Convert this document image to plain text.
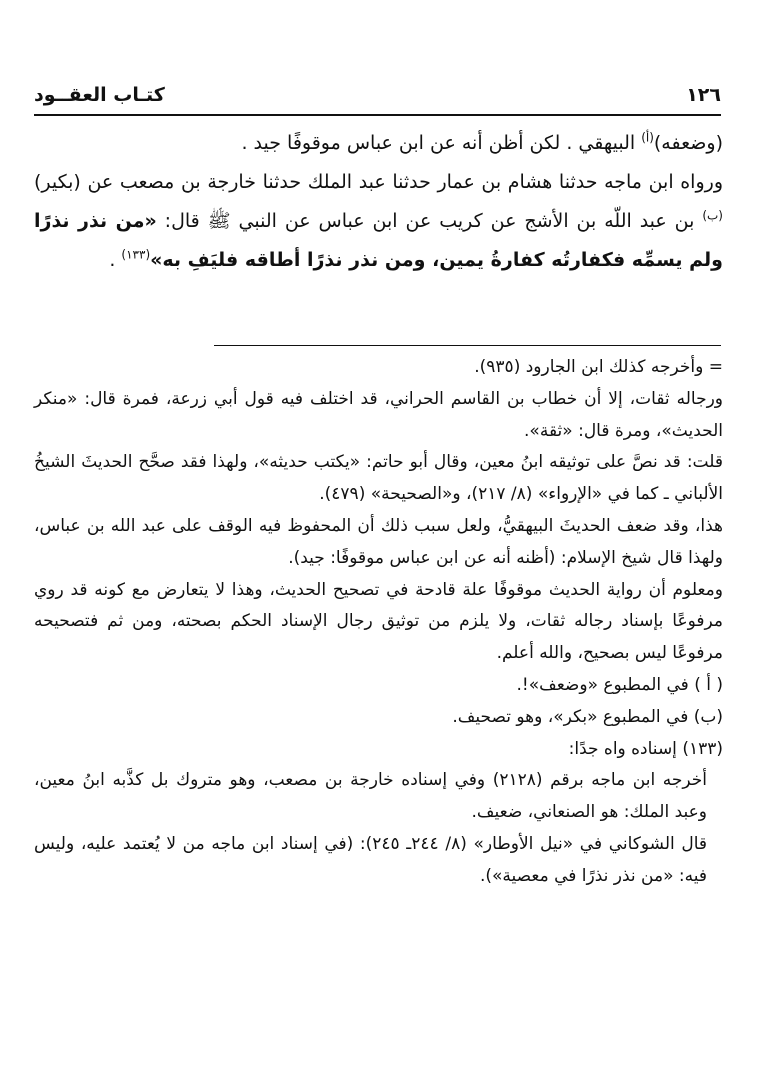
١٢٦
كتـاب العقــود

(وضعفه)$^{(أ)}$ البيهقي . لكن أظن أنه عن ابن عباس موقوفًا جيد .

ورواه ابن ماجه حدثنا هشام بن عمار حدثنا عبد الملك حدثنا خارجة بن مصعب عن (بكير)$^{(ب)}$ بن عبد اللّه بن الأشج عن كريب عن ابن عباس عن النبي ﷺ قال: «من نذر نذرًا ولم يسمِّه فكفارتُه كفارةُ يمين، ومن نذر نذرًا أطاقه فليَفِ به»$^{(١٣٣)}$ .

= وأخرجه كذلك ابن الجارود (٩٣٥).

ورجاله ثقات، إلا أن خطاب بن القاسم الحراني، قد اختلف فيه قول أبي زرعة، فمرة قال: «منكر الحديث»، ومرة قال: «ثقة».

قلت: قد نصَّ على توثيقه ابنُ معين، وقال أبو حاتم: «يكتب حديثه»، ولهذا فقد صحَّح الحديثَ الشيخُ الألباني ـ كما في «الإرواء» (٨/ ٢١٧)، و«الصحيحة» (٤٧٩).

هذا، وقد ضعف الحديثَ البيهقيُّ، ولعل سبب ذلك أن المحفوظ فيه الوقف على عبد الله بن عباس، ولهذا قال شيخ الإسلام: (أظنه أنه عن ابن عباس موقوفًا: جيد).

ومعلوم أن رواية الحديث موقوفًا علة قادحة في تصحيح الحديث، وهذا لا يتعارض مع كونه قد روي مرفوعًا بإسناد رجاله ثقات، ولا يلزم من توثيق رجال الإسناد الحكم بصحته، ومن ثم فتصحيحه مرفوعًا ليس بصحيح، والله أعلم.

( أ ) في المطبوع «وضعف»!.

(ب) في المطبوع «بكر»، وهو تصحيف.

(١٣٣) إسناده واه جدًا:

أخرجه ابن ماجه برقم (٢١٢٨) وفي إسناده خارجة بن مصعب، وهو متروك بل كذَّبه ابنُ معين، وعبد الملك: هو الصنعاني، ضعيف.

قال الشوكاني في «نيل الأوطار» (٨/ ٢٤٤ـ ٢٤٥): (في إسناد ابن ماجه من لا يُعتمد عليه، وليس فيه: «من نذر نذرًا في معصية»).
